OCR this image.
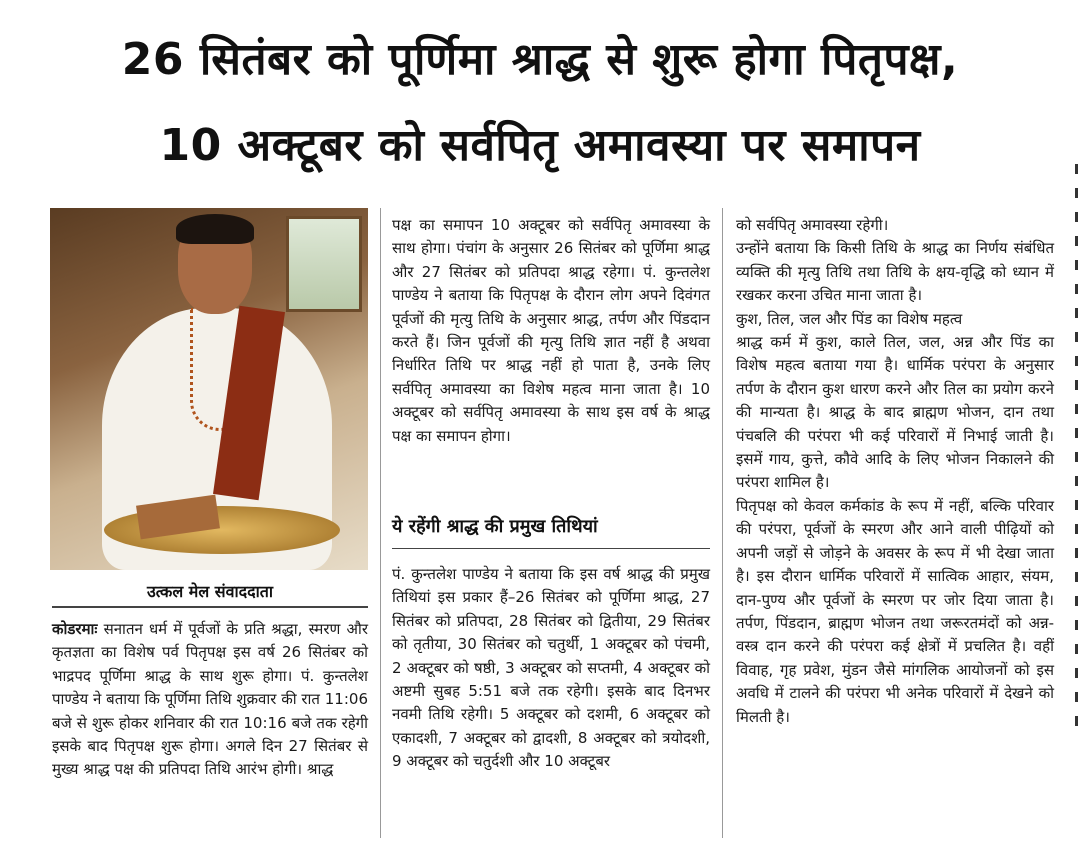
26 सितंबर को पूर्णिमा श्राद्ध से शुरू होगा पितृपक्ष,
10 अक्टूबर को सर्वपितृ अमावस्या पर समापन
उत्कल मेल संवाददाता

कोडरमाः सनातन धर्म में पूर्वजों के प्रति श्रद्धा, स्मरण और कृतज्ञता का विशेष पर्व पितृपक्ष इस वर्ष 26 सितंबर को भाद्रपद पूर्णिमा श्राद्ध के साथ शुरू होगा। पं. कुन्तलेश पाण्डेय ने बताया कि पूर्णिमा तिथि शुक्रवार की रात 11:06 बजे से शुरू होकर शनिवार की रात 10:16 बजे तक रहेगी इसके बाद पितृपक्ष शुरू होगा। अगले दिन 27 सितंबर से मुख्य श्राद्ध पक्ष की प्रतिपदा तिथि आरंभ होगी। श्राद्ध

पक्ष का समापन 10 अक्टूबर को सर्वपितृ अमावस्या के साथ होगा। पंचांग के अनुसार 26 सितंबर को पूर्णिमा श्राद्ध और 27 सितंबर को प्रतिपदा श्राद्ध रहेगा। पं. कुन्तलेश पाण्डेय ने बताया कि पितृपक्ष के दौरान लोग अपने दिवंगत पूर्वजों की मृत्यु तिथि के अनुसार श्राद्ध, तर्पण और पिंडदान करते हैं। जिन पूर्वजों की मृत्यु तिथि ज्ञात नहीं है अथवा निर्धारित तिथि पर श्राद्ध नहीं हो पाता है, उनके लिए सर्वपितृ अमावस्या का विशेष महत्व माना जाता है। 10 अक्टूबर को सर्वपितृ अमावस्या के साथ इस वर्ष के श्राद्ध पक्ष का समापन होगा।

ये रहेंगी श्राद्ध की प्रमुख तिथियां

पं. कुन्तलेश पाण्डेय ने बताया कि इस वर्ष श्राद्ध की प्रमुख तिथियां इस प्रकार हैं–26 सितंबर को पूर्णिमा श्राद्ध, 27 सितंबर को प्रतिपदा, 28 सितंबर को द्वितीया, 29 सितंबर को तृतीया, 30 सितंबर को चतुर्थी, 1 अक्टूबर को पंचमी, 2 अक्टूबर को षष्ठी, 3 अक्टूबर को सप्तमी, 4 अक्टूबर को अष्टमी सुबह 5:51 बजे तक रहेगी। इसके बाद दिनभर नवमी तिथि रहेगी। 5 अक्टूबर को दशमी, 6 अक्टूबर को एकादशी, 7 अक्टूबर को द्वादशी, 8 अक्टूबर को त्रयोदशी, 9 अक्टूबर को चतुर्दशी और 10 अक्टूबर

को सर्वपितृ अमावस्या रहेगी।

उन्होंने बताया कि किसी तिथि के श्राद्ध का निर्णय संबंधित व्यक्ति की मृत्यु तिथि तथा तिथि के क्षय-वृद्धि को ध्यान में रखकर करना उचित माना जाता है।

कुश, तिल, जल और पिंड का विशेष महत्व

श्राद्ध कर्म में कुश, काले तिल, जल, अन्न और पिंड का विशेष महत्व बताया गया है। धार्मिक परंपरा के अनुसार तर्पण के दौरान कुश धारण करने और तिल का प्रयोग करने की मान्यता है। श्राद्ध के बाद ब्राह्मण भोजन, दान तथा पंचबलि की परंपरा भी कई परिवारों में निभाई जाती है। इसमें गाय, कुत्ते, कौवे आदि के लिए भोजन निकालने की परंपरा शामिल है।

पितृपक्ष को केवल कर्मकांड के रूप में नहीं, बल्कि परिवार की परंपरा, पूर्वजों के स्मरण और आने वाली पीढ़ियों को अपनी जड़ों से जोड़ने के अवसर के रूप में भी देखा जाता है। इस दौरान धार्मिक परिवारों में सात्विक आहार, संयम, दान-पुण्य और पूर्वजों के स्मरण पर जोर दिया जाता है। तर्पण, पिंडदान, ब्राह्मण भोजन तथा जरूरतमंदों को अन्न-वस्त्र दान करने की परंपरा कई क्षेत्रों में प्रचलित है। वहीं विवाह, गृह प्रवेश, मुंडन जैसे मांगलिक आयोजनों को इस अवधि में टालने की परंपरा भी अनेक परिवारों में देखने को मिलती है।
